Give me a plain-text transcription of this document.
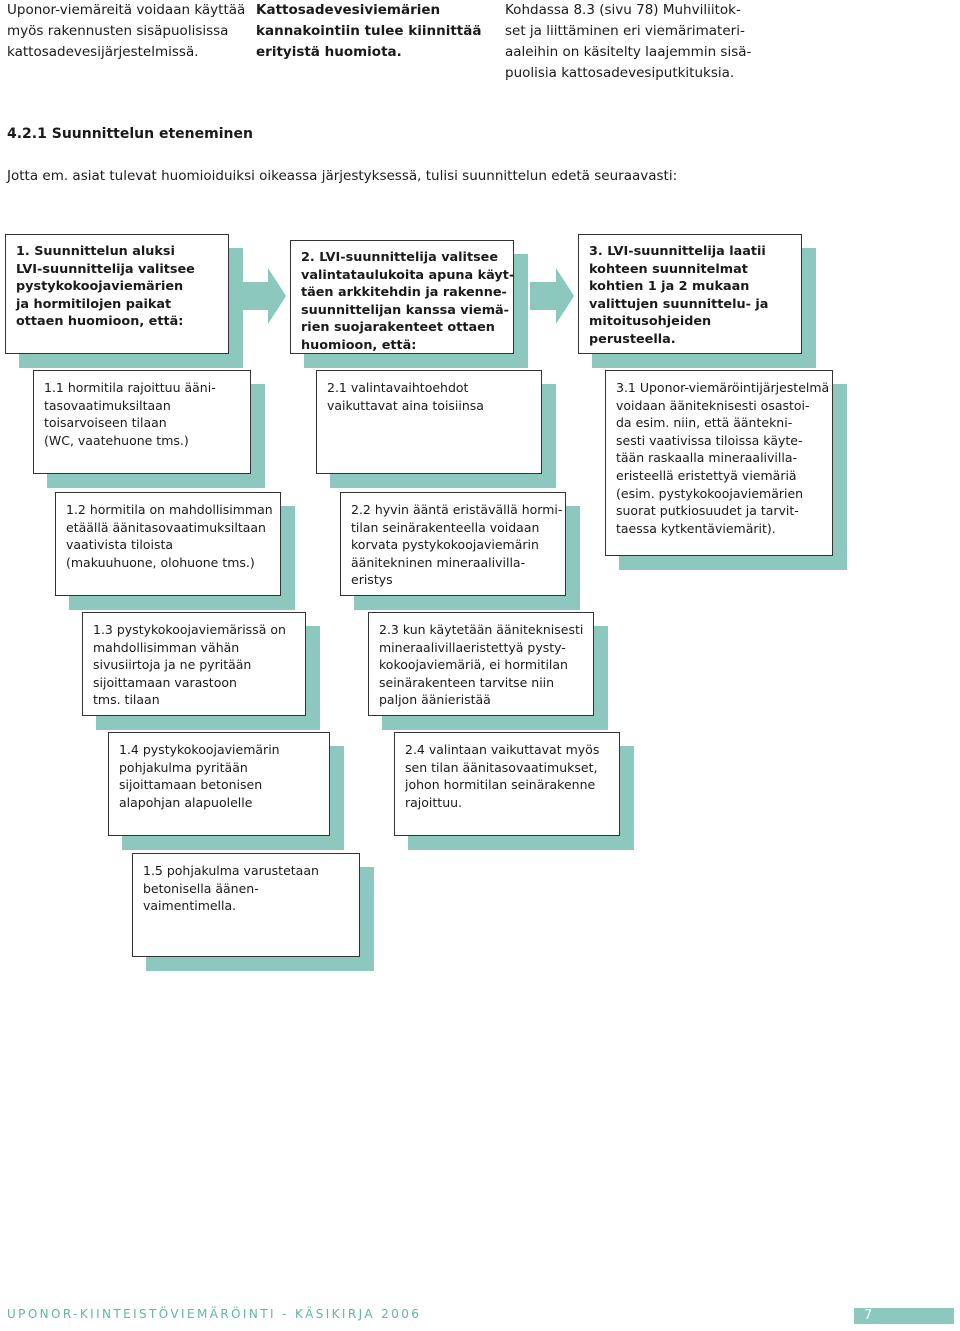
Uponor-viemäreitä voidaan käyttää
myös rakennusten sisäpuolisissa
kattosadevesijärjestelmissä.
Kattosadevesiviemärien
kannakointiin tulee kiinnittää
erityistä huomiota.
Kohdassa 8.3 (sivu 78) Muhviliitok-
set ja liittäminen eri viemärimateri-
aaleihin on käsitelty laajemmin sisä-
puolisia kattosadevesiputkituksia.
4.2.1 Suunnittelun eteneminen

Jotta em. asiat tulevat huomioiduiksi oikeassa järjestyksessä, tulisi suunnittelun edetä seuraavasti:

1. Suunnittelun aluksi
LVI-suunnittelija valitsee
pystykokoojaviemärien
ja hormitilojen paikat
ottaen huomioon, että:
2. LVI-suunnittelija valitsee
valintataulukoita apuna käyt-
täen arkkitehdin ja rakenne-
suunnittelijan kanssa viemä-
rien suojarakenteet ottaen
huomioon, että:
3. LVI-suunnittelija laatii
kohteen suunnitelmat
kohtien 1 ja 2 mukaan
valittujen suunnittelu- ja
mitoitusohjeiden
perusteella.
1.1 hormitila rajoittuu ääni-
tasovaatimuksiltaan
toisarvoiseen tilaan
(WC, vaatehuone tms.)
1.2 hormitila on mahdollisimman
etäällä äänitasovaatimuksiltaan
vaativista tiloista
(makuuhuone, olohuone tms.)
1.3 pystykokoojaviemärissä on
mahdollisimman vähän
sivusiirtoja ja ne pyritään
sijoittamaan varastoon
tms. tilaan
1.4 pystykokoojaviemärin
pohjakulma pyritään
sijoittamaan betonisen
alapohjan alapuolelle
1.5 pohjakulma varustetaan
betonisella äänen-
vaimentimella.
2.1 valintavaihtoehdot
vaikuttavat aina toisiinsa
2.2 hyvin ääntä eristävällä hormi-
tilan seinärakenteella voidaan
korvata pystykokoojaviemärin
äänitekninen mineraalivilla-
eristys
2.3 kun käytetään ääniteknisesti
mineraalivillaeristettyä pysty-
kokoojaviemäriä, ei hormitilan
seinärakenteen tarvitse niin
paljon äänieristää
2.4 valintaan vaikuttavat myös
sen tilan äänitasovaatimukset,
johon hormitilan seinärakenne
rajoittuu.
3.1 Uponor-viemäröintijärjestelmä
voidaan ääniteknisesti osastoi-
da esim. niin, että ääntekni-
sesti vaativissa tiloissa käyte-
tään raskaalla mineraalivilla-
eristeellä eristettyä viemäriä
(esim. pystykokoojaviemärien
suorat putkiosuudet ja tarvit-
taessa kytkentäviemärit).
UPONOR-KIINTEISTÖVIEMÄRÖINTI - KÄSIKIRJA 2006	7
